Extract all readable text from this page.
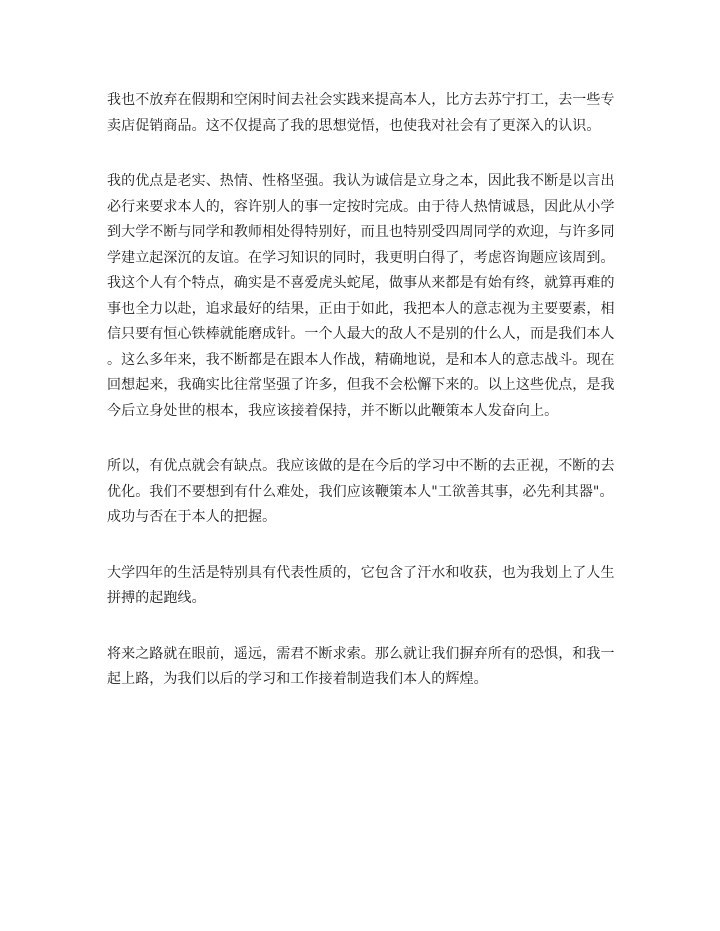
我也不放弃在假期和空闲时间去社会实践来提高本人，比方去苏宁打工，去一些专
卖店促销商品。这不仅提高了我的思想觉悟，也使我对社会有了更深入的认识。
我的优点是老实、热情、性格坚强。我认为诚信是立身之本，因此我不断是以言出
必行来要求本人的，容许别人的事一定按时完成。由于待人热情诚恳，因此从小学
到大学不断与同学和教师相处得特别好，而且也特别受四周同学的欢迎，与许多同
学建立起深沉的友谊。在学习知识的同时，我更明白得了，考虑咨询题应该周到。
我这个人有个特点，确实是不喜爱虎头蛇尾，做事从来都是有始有终，就算再难的
事也全力以赴，追求最好的结果，正由于如此，我把本人的意志视为主要要素，相
信只要有恒心铁棒就能磨成针。一个人最大的敌人不是别的什么人，而是我们本人
。这么多年来，我不断都是在跟本人作战，精确地说，是和本人的意志战斗。现在
回想起来，我确实比往常坚强了许多，但我不会松懈下来的。以上这些优点，是我
今后立身处世的根本，我应该接着保持，并不断以此鞭策本人发奋向上。
所以，有优点就会有缺点。我应该做的是在今后的学习中不断的去正视，不断的去
优化。我们不要想到有什么难处，我们应该鞭策本人"工欲善其事，必先利其器"。
成功与否在于本人的把握。
大学四年的生活是特别具有代表性质的，它包含了汗水和收获，也为我划上了人生
拼搏的起跑线。
将来之路就在眼前，遥远，需君不断求索。那么就让我们摒弃所有的恐惧，和我一
起上路，为我们以后的学习和工作接着制造我们本人的辉煌。
